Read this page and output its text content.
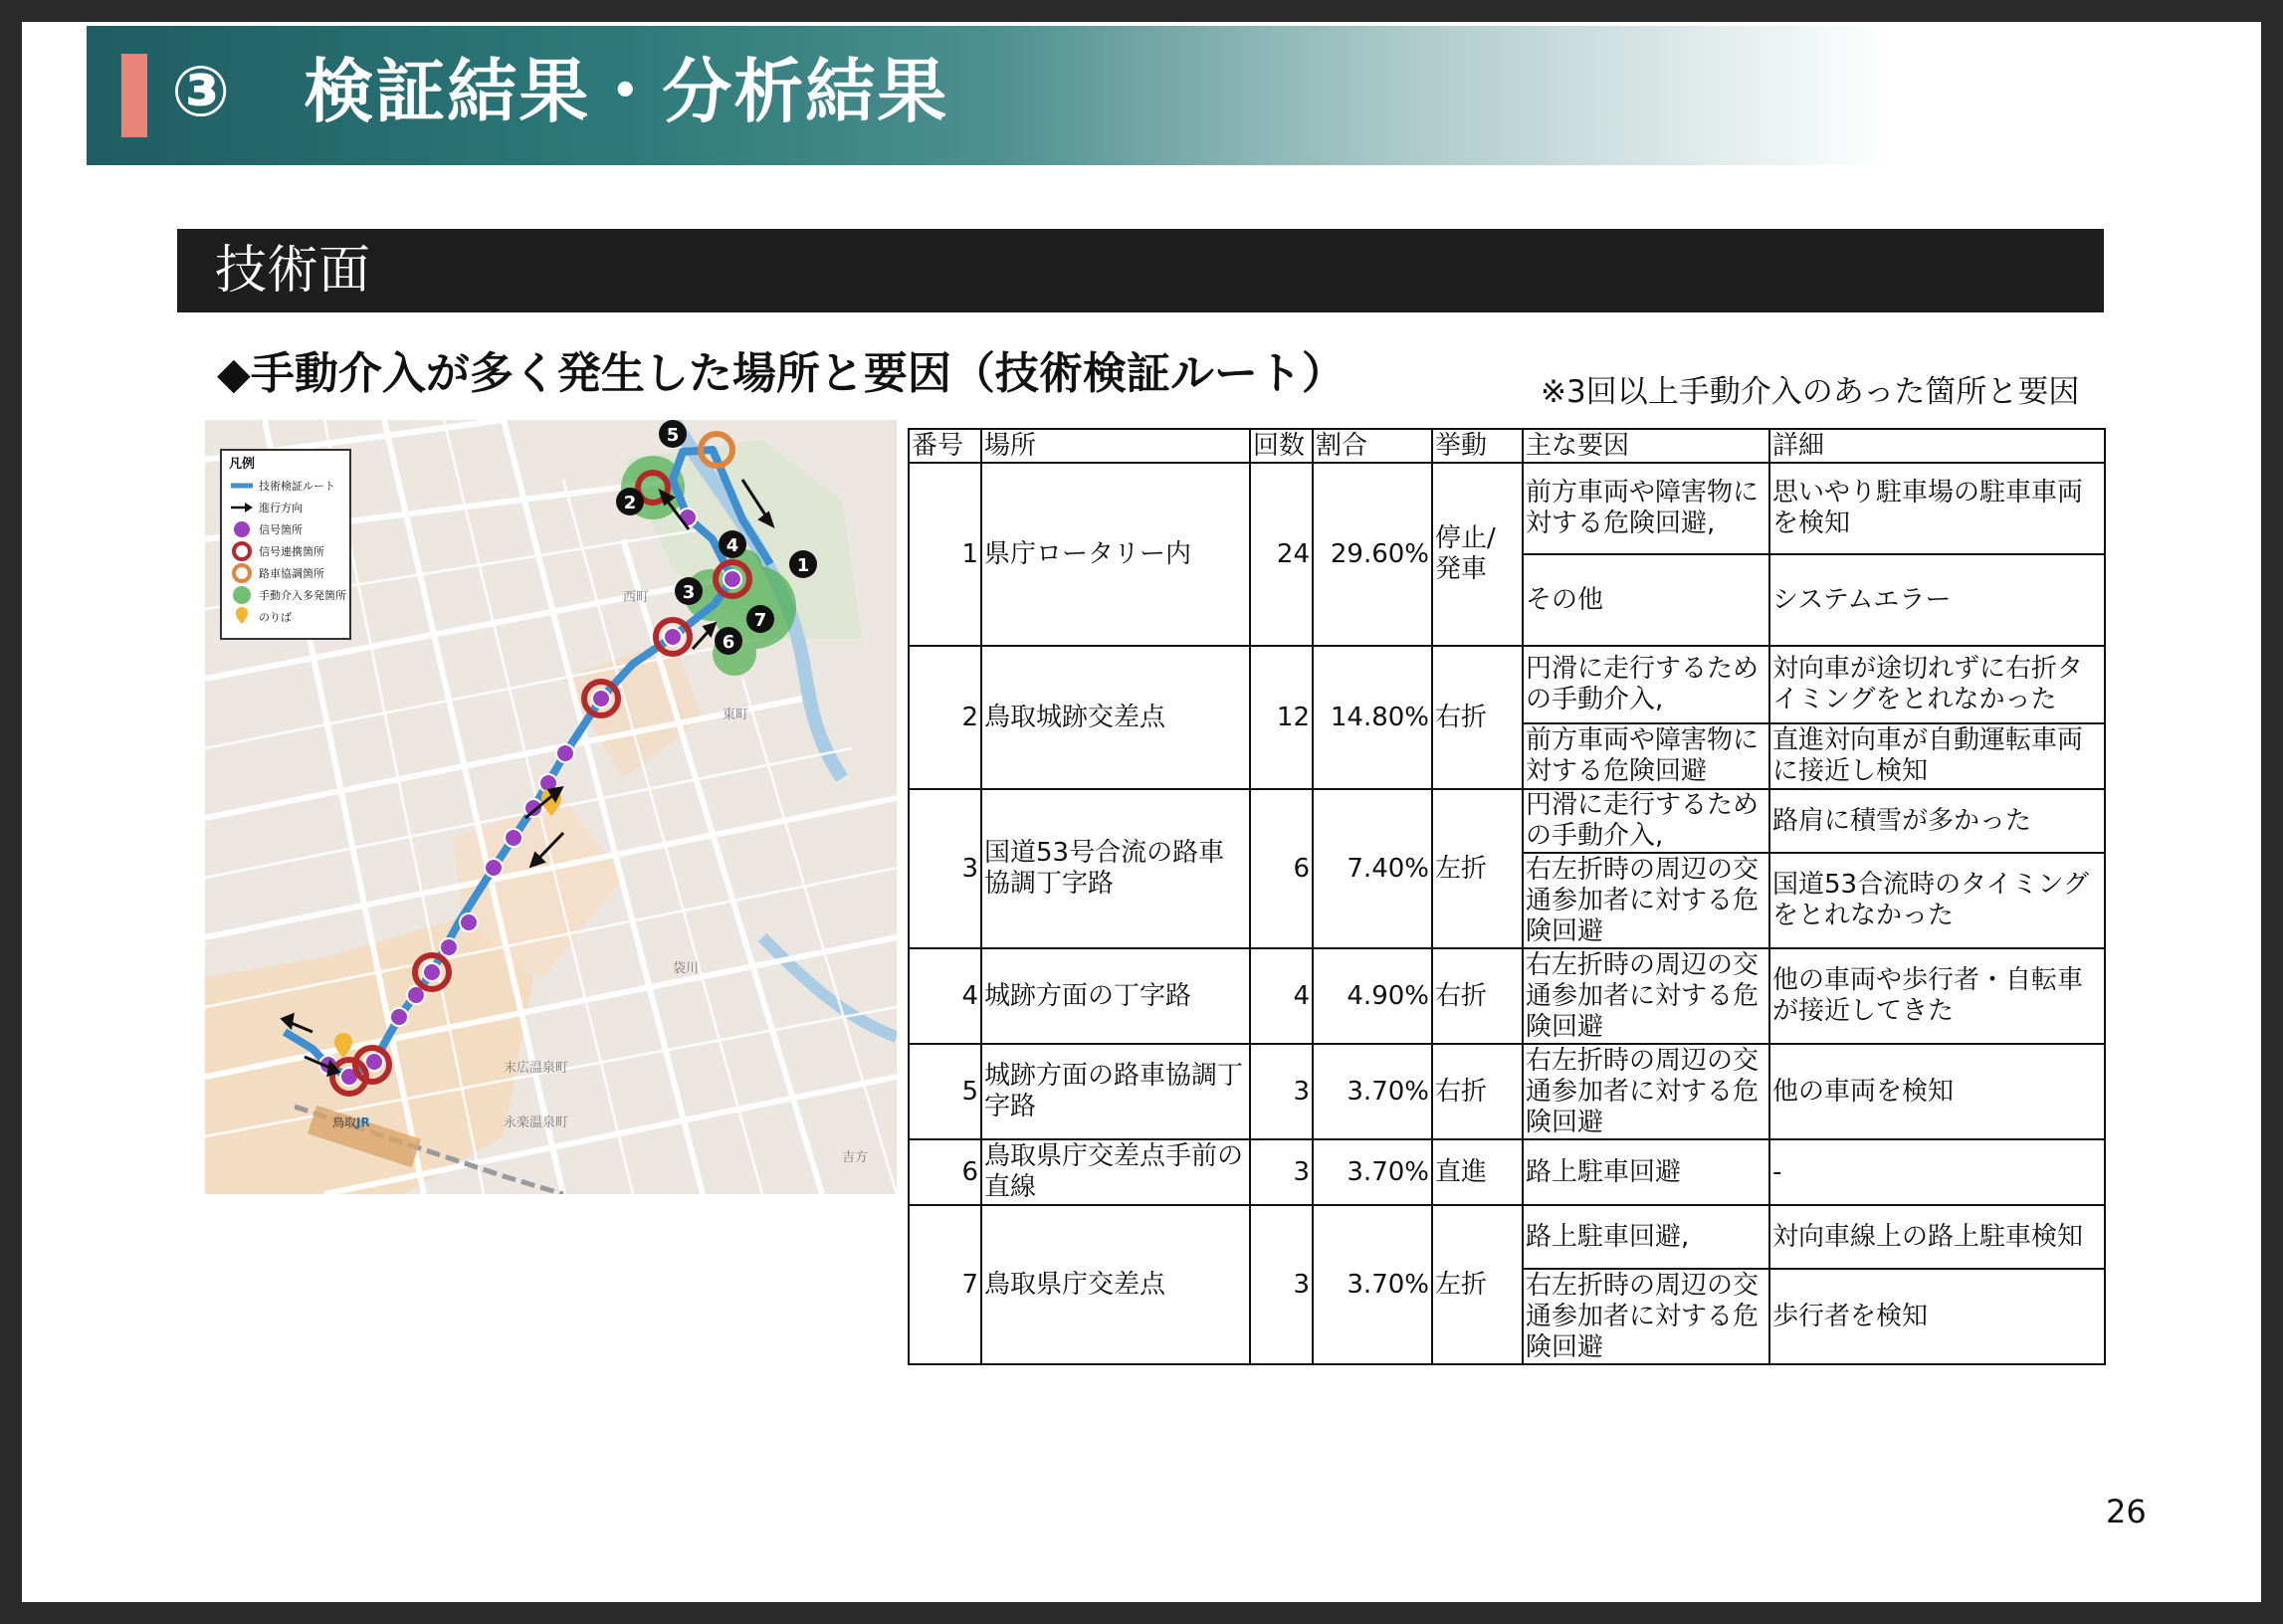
③　検証結果・分析結果
技術面
◆手動介入が多く発生した場所と要因（技術検証ルート）	※3回以上手動介入のあった箇所と要因
西町
東町
吉方
袋川
末広温泉町
永楽温泉町
鳥取 JR
1
2
3
4
5
6
7
凡例
技術検証ルート
進行方向
信号箇所
信号連携箇所
路車協調箇所
手動介入多発箇所
のりば
番号	場所	回数	割合	挙動	主な要因	詳細
1	県庁ロータリー内	24	29.60%	停止/発車	前方車両や障害物に対する危険回避,	思いやり駐車場の駐車車両を検知
					その他	システムエラー
2	鳥取城跡交差点	12	14.80%	右折	円滑に走行するための手動介入,	対向車が途切れずに右折タイミングをとれなかった
					前方車両や障害物に対する危険回避	直進対向車が自動運転車両に接近し検知
3	国道53号合流の路車協調丁字路	6	7.40%	左折	円滑に走行するための手動介入,	路肩に積雪が多かった
					右左折時の周辺の交通参加者に対する危険回避	国道53合流時のタイミングをとれなかった
4	城跡方面の丁字路	4	4.90%	右折	右左折時の周辺の交通参加者に対する危険回避	他の車両や歩行者・自転車が接近してきた
5	城跡方面の路車協調丁字路	3	3.70%	右折	右左折時の周辺の交通参加者に対する危険回避	他の車両を検知
6	鳥取県庁交差点手前の直線	3	3.70%	直進	路上駐車回避	-
7	鳥取県庁交差点	3	3.70%	左折	路上駐車回避,	対向車線上の路上駐車検知
					右左折時の周辺の交通参加者に対する危険回避	歩行者を検知
26
